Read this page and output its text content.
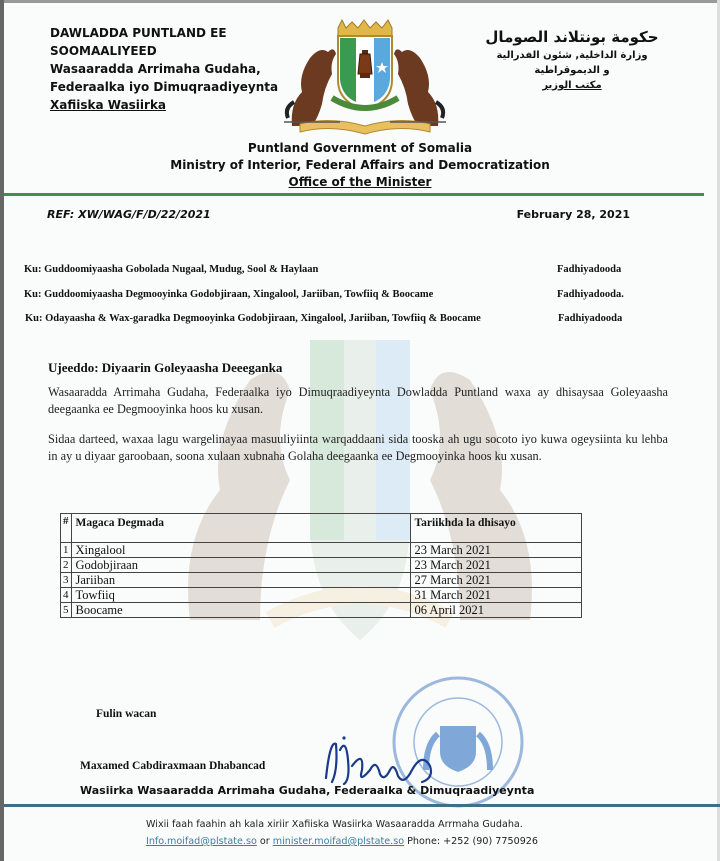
DAWLADDA PUNTLAND EE
SOOMAALIYEED
Wasaaradda Arrimaha Gudaha,
Federaalka iyo Dimuqraadiyeynta
Xafiiska Wasiirka
حكومة بونتلاند الصومال
وزارة الداخلية, شئون الفدرالية
و الديموقراطية
مكتب الوزير
Puntland Government of Somalia
Ministry of Interior, Federal Affairs and Democratization
Office of the Minister
REF: XW/WAG/F/D/22/2021	February 28, 2021
Ku: Guddoomiyaasha Gobolada Nugaal, Mudug, Sool & Haylaan	Fadhiyadooda
Ku: Guddoomiyaasha Degmooyinka Godobjiraan, Xingalool, Jariiban, Towfiiq & Boocame	Fadhiyadooda.
Ku: Odayaasha & Wax-garadka Degmooyinka Godobjiraan, Xingalool, Jariiban, Towfiiq & Boocame	Fadhiyadooda
Ujeeddo: Diyaarin Goleyaasha Deeeganka
Wasaaradda Arrimaha Gudaha, Federaalka iyo Dimuqraadiyeynta Dowladda Puntland waxa ay dhisaysaa Goleyaasha deegaanka ee Degmooyinka hoos ku xusan.
Sidaa darteed, waxaa lagu wargelinayaa masuuliyiinta warqaddaani sida tooska ah ugu socoto iyo kuwa ogeysiinta ku lehba in ay u diyaar garoobaan, soona xulaan xubnaha Golaha deegaanka ee Degmooyinka hoos ku xusan.
#	Magaca Degmada	Tariikhda la dhisayo
1	Xingalool	23 March 2021
2	Godobjiraan	23 March 2021
3	Jariiban	27 March 2021
4	Towfiiq	31 March 2021
5	Boocame	06 April 2021
Fulin wacan
Maxamed Cabdiraxmaan Dhabancad
Wasiirka Wasaaradda Arrimaha Gudaha, Federaalka & Dimuqraadiyeynta
Wixii faah faahin ah kala xiriir Xafiiska Wasiirka Wasaaradda Arrmaha Gudaha.
Info.moifad@plstate.so or minister.moifad@plstate.so Phone: +252 (90) 7750926
